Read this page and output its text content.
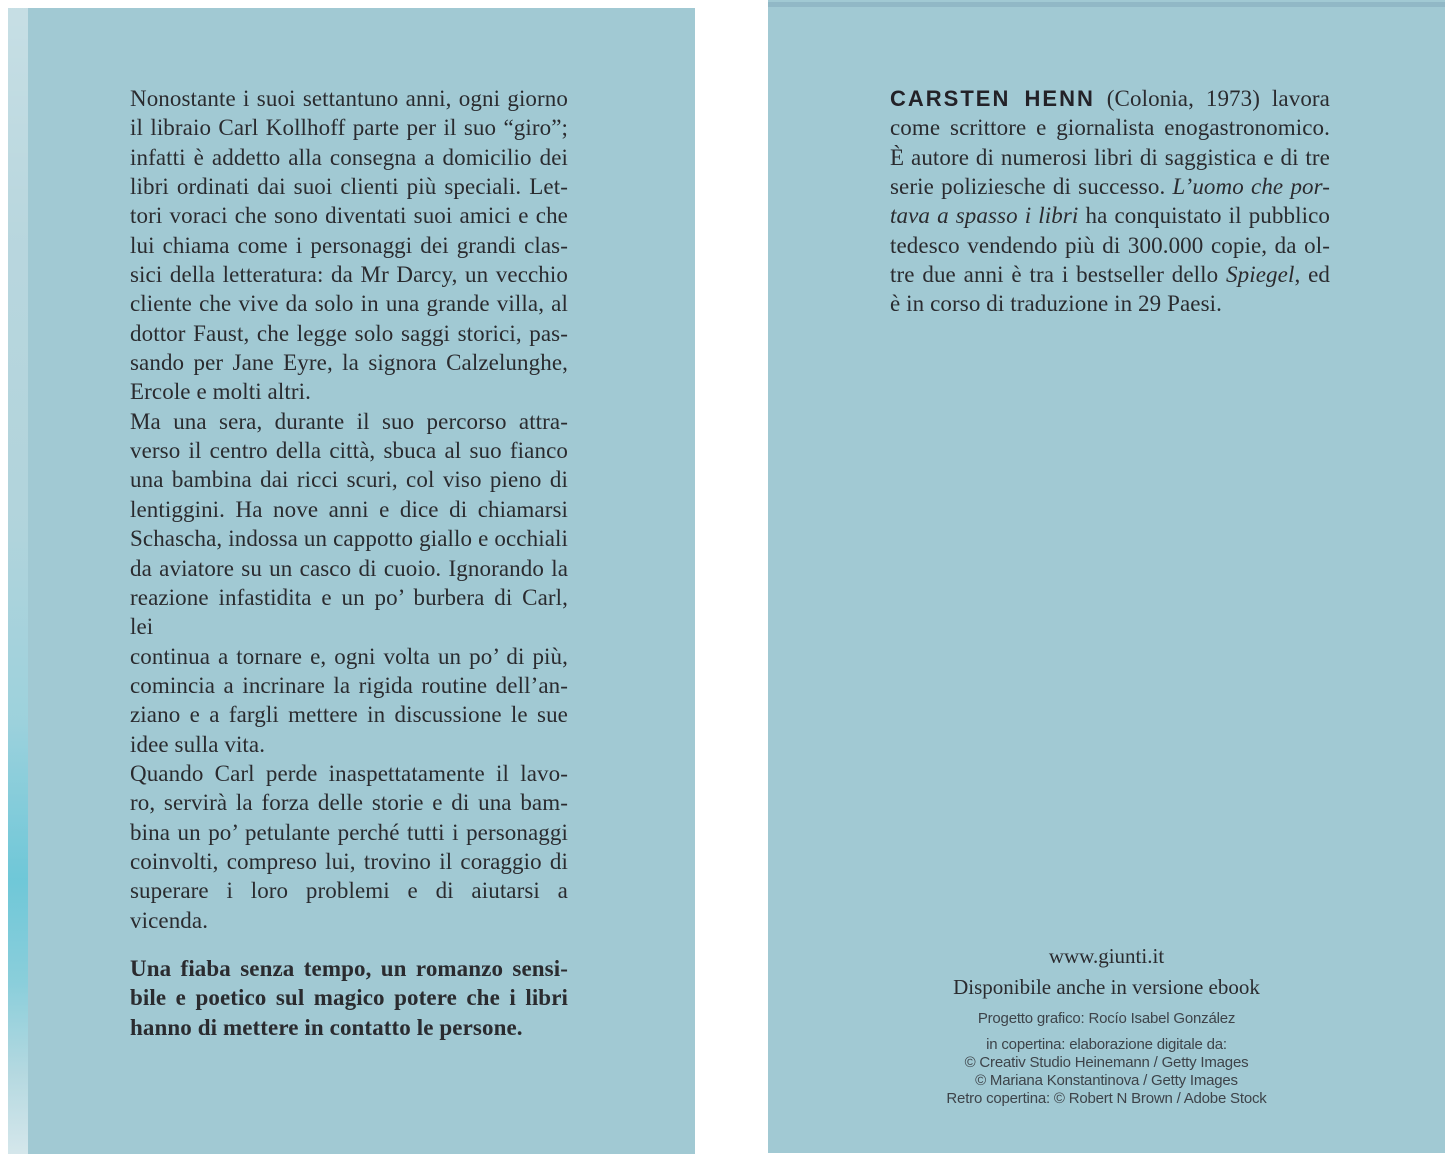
Nonostante i suoi settantuno anni, ogni giorno
il libraio Carl Kollhoff parte per il suo “giro”;
infatti è addetto alla consegna a domicilio dei
libri ordinati dai suoi clienti più speciali. Let-
tori voraci che sono diventati suoi amici e che
lui chiama come i personaggi dei grandi clas-
sici della letteratura: da Mr Darcy, un vecchio
cliente che vive da solo in una grande villa, al
dottor Faust, che legge solo saggi storici, pas-
sando per Jane Eyre, la signora Calzelunghe,
Ercole e molti altri.
Ma una sera, durante il suo percorso attra-
verso il centro della città, sbuca al suo fianco
una bambina dai ricci scuri, col viso pieno di
lentiggini. Ha nove anni e dice di chiamarsi
Schascha, indossa un cappotto giallo e occhiali
da aviatore su un casco di cuoio. Ignorando la
reazione infastidita e un po’ burbera di Carl, lei
continua a tornare e, ogni volta un po’ di più,
comincia a incrinare la rigida routine dell’an-
ziano e a fargli mettere in discussione le sue
idee sulla vita.
Quando Carl perde inaspettatamente il lavo-
ro, servirà la forza delle storie e di una bam-
bina un po’ petulante perché tutti i personaggi
coinvolti, compreso lui, trovino il coraggio di
superare i loro problemi e di aiutarsi a vicenda.
Una fiaba senza tempo, un romanzo sensi-
bile e poetico sul magico potere che i libri
hanno di mettere in contatto le persone.
CARSTEN HENN (Colonia, 1973) lavora
come scrittore e giornalista enogastronomico.
È autore di numerosi libri di saggistica e di tre
serie poliziesche di successo. L’uomo che por-
tava a spasso i libri ha conquistato il pubblico
tedesco vendendo più di 300.000 copie, da ol-
tre due anni è tra i bestseller dello Spiegel, ed
è in corso di traduzione in 29 Paesi.
www.giunti.it
Disponibile anche in versione ebook
Progetto grafico: Rocío Isabel González
in copertina: elaborazione digitale da:
© Creativ Studio Heinemann / Getty Images
© Mariana Konstantinova / Getty Images
Retro copertina: © Robert N Brown / Adobe Stock
